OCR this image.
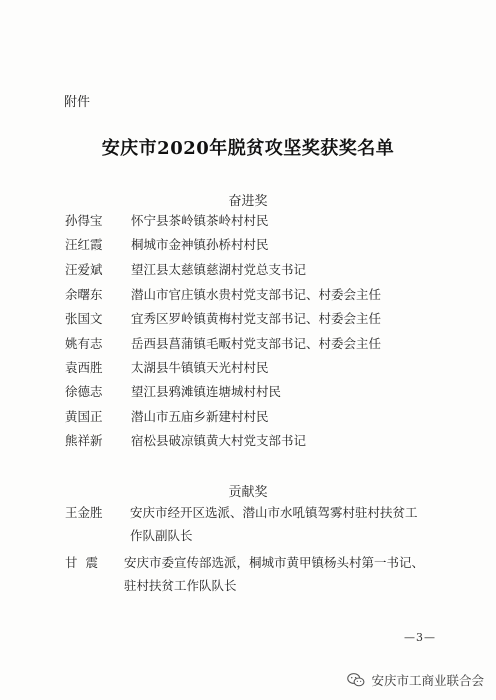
附件
安庆市2020年脱贫攻坚奖获奖名单
奋进奖
孙得宝 怀宁县茶岭镇茶岭村村民
汪红霞 桐城市金神镇孙桥村村民
汪爱斌 望江县太慈镇慈湖村党总支书记
余曙东 潜山市官庄镇水贵村党支部书记、村委会主任
张国文 宜秀区罗岭镇黄梅村党支部书记、村委会主任
姚有志 岳西县菖蒲镇毛畈村党支部书记、村委会主任
袁西胜 太湖县牛镇镇天光村村民
徐德志 望江县鸦滩镇连塘城村村民
黄国正 潜山市五庙乡新建村村民
熊祥新 宿松县破凉镇黄大村党支部书记
贡献奖
王金胜 安庆市经开区选派、潜山市水吼镇驾雾村驻村扶贫工
作队副队长
甘  震 安庆市委宣传部选派，桐城市黄甲镇杨头村第一书记、
驻村扶贫工作队队长
—3—
安庆市工商业联合会
